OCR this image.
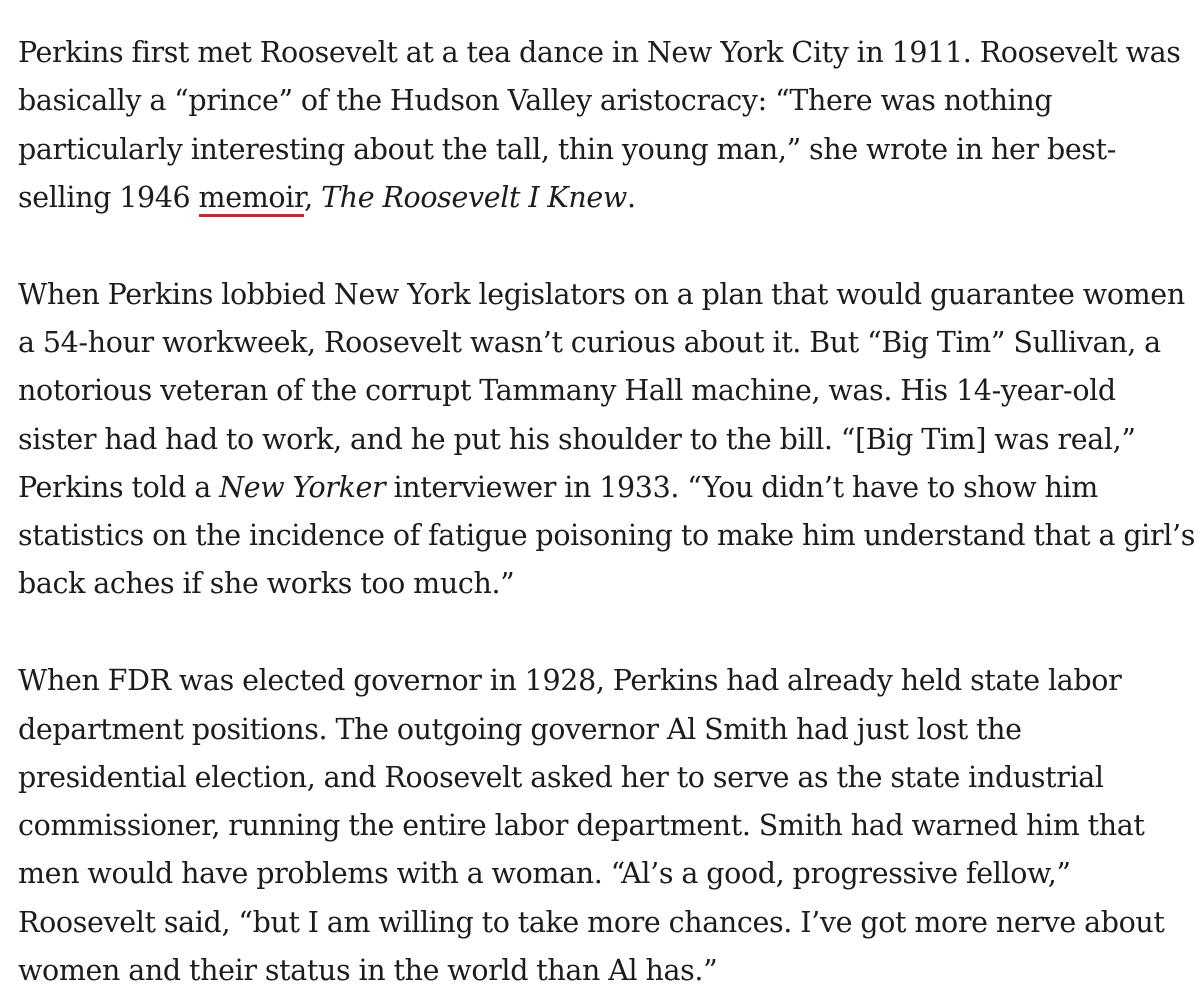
Perkins first met Roosevelt at a tea dance in New York City in 1911. Roosevelt was basically a “prince” of the Hudson Valley aristocracy: “There was nothing particularly interesting about the tall, thin young man,” she wrote in her best-selling 1946 memoir, The Roosevelt I Knew.

When Perkins lobbied New York legislators on a plan that would guarantee women a 54-hour workweek, Roosevelt wasn’t curious about it. But “Big Tim” Sullivan, a notorious veteran of the corrupt Tammany Hall machine, was. His 14-year-old sister had had to work, and he put his shoulder to the bill. “[Big Tim] was real,” Perkins told a New Yorker interviewer in 1933. “You didn’t have to show him statistics on the incidence of fatigue poisoning to make him understand that a girl’s back aches if she works too much.”

When FDR was elected governor in 1928, Perkins had already held state labor department positions. The outgoing governor Al Smith had just lost the presidential election, and Roosevelt asked her to serve as the state industrial commissioner, running the entire labor department. Smith had warned him that men would have problems with a woman. “Al’s a good, progressive fellow,” Roosevelt said, “but I am willing to take more chances. I’ve got more nerve about women and their status in the world than Al has.”
